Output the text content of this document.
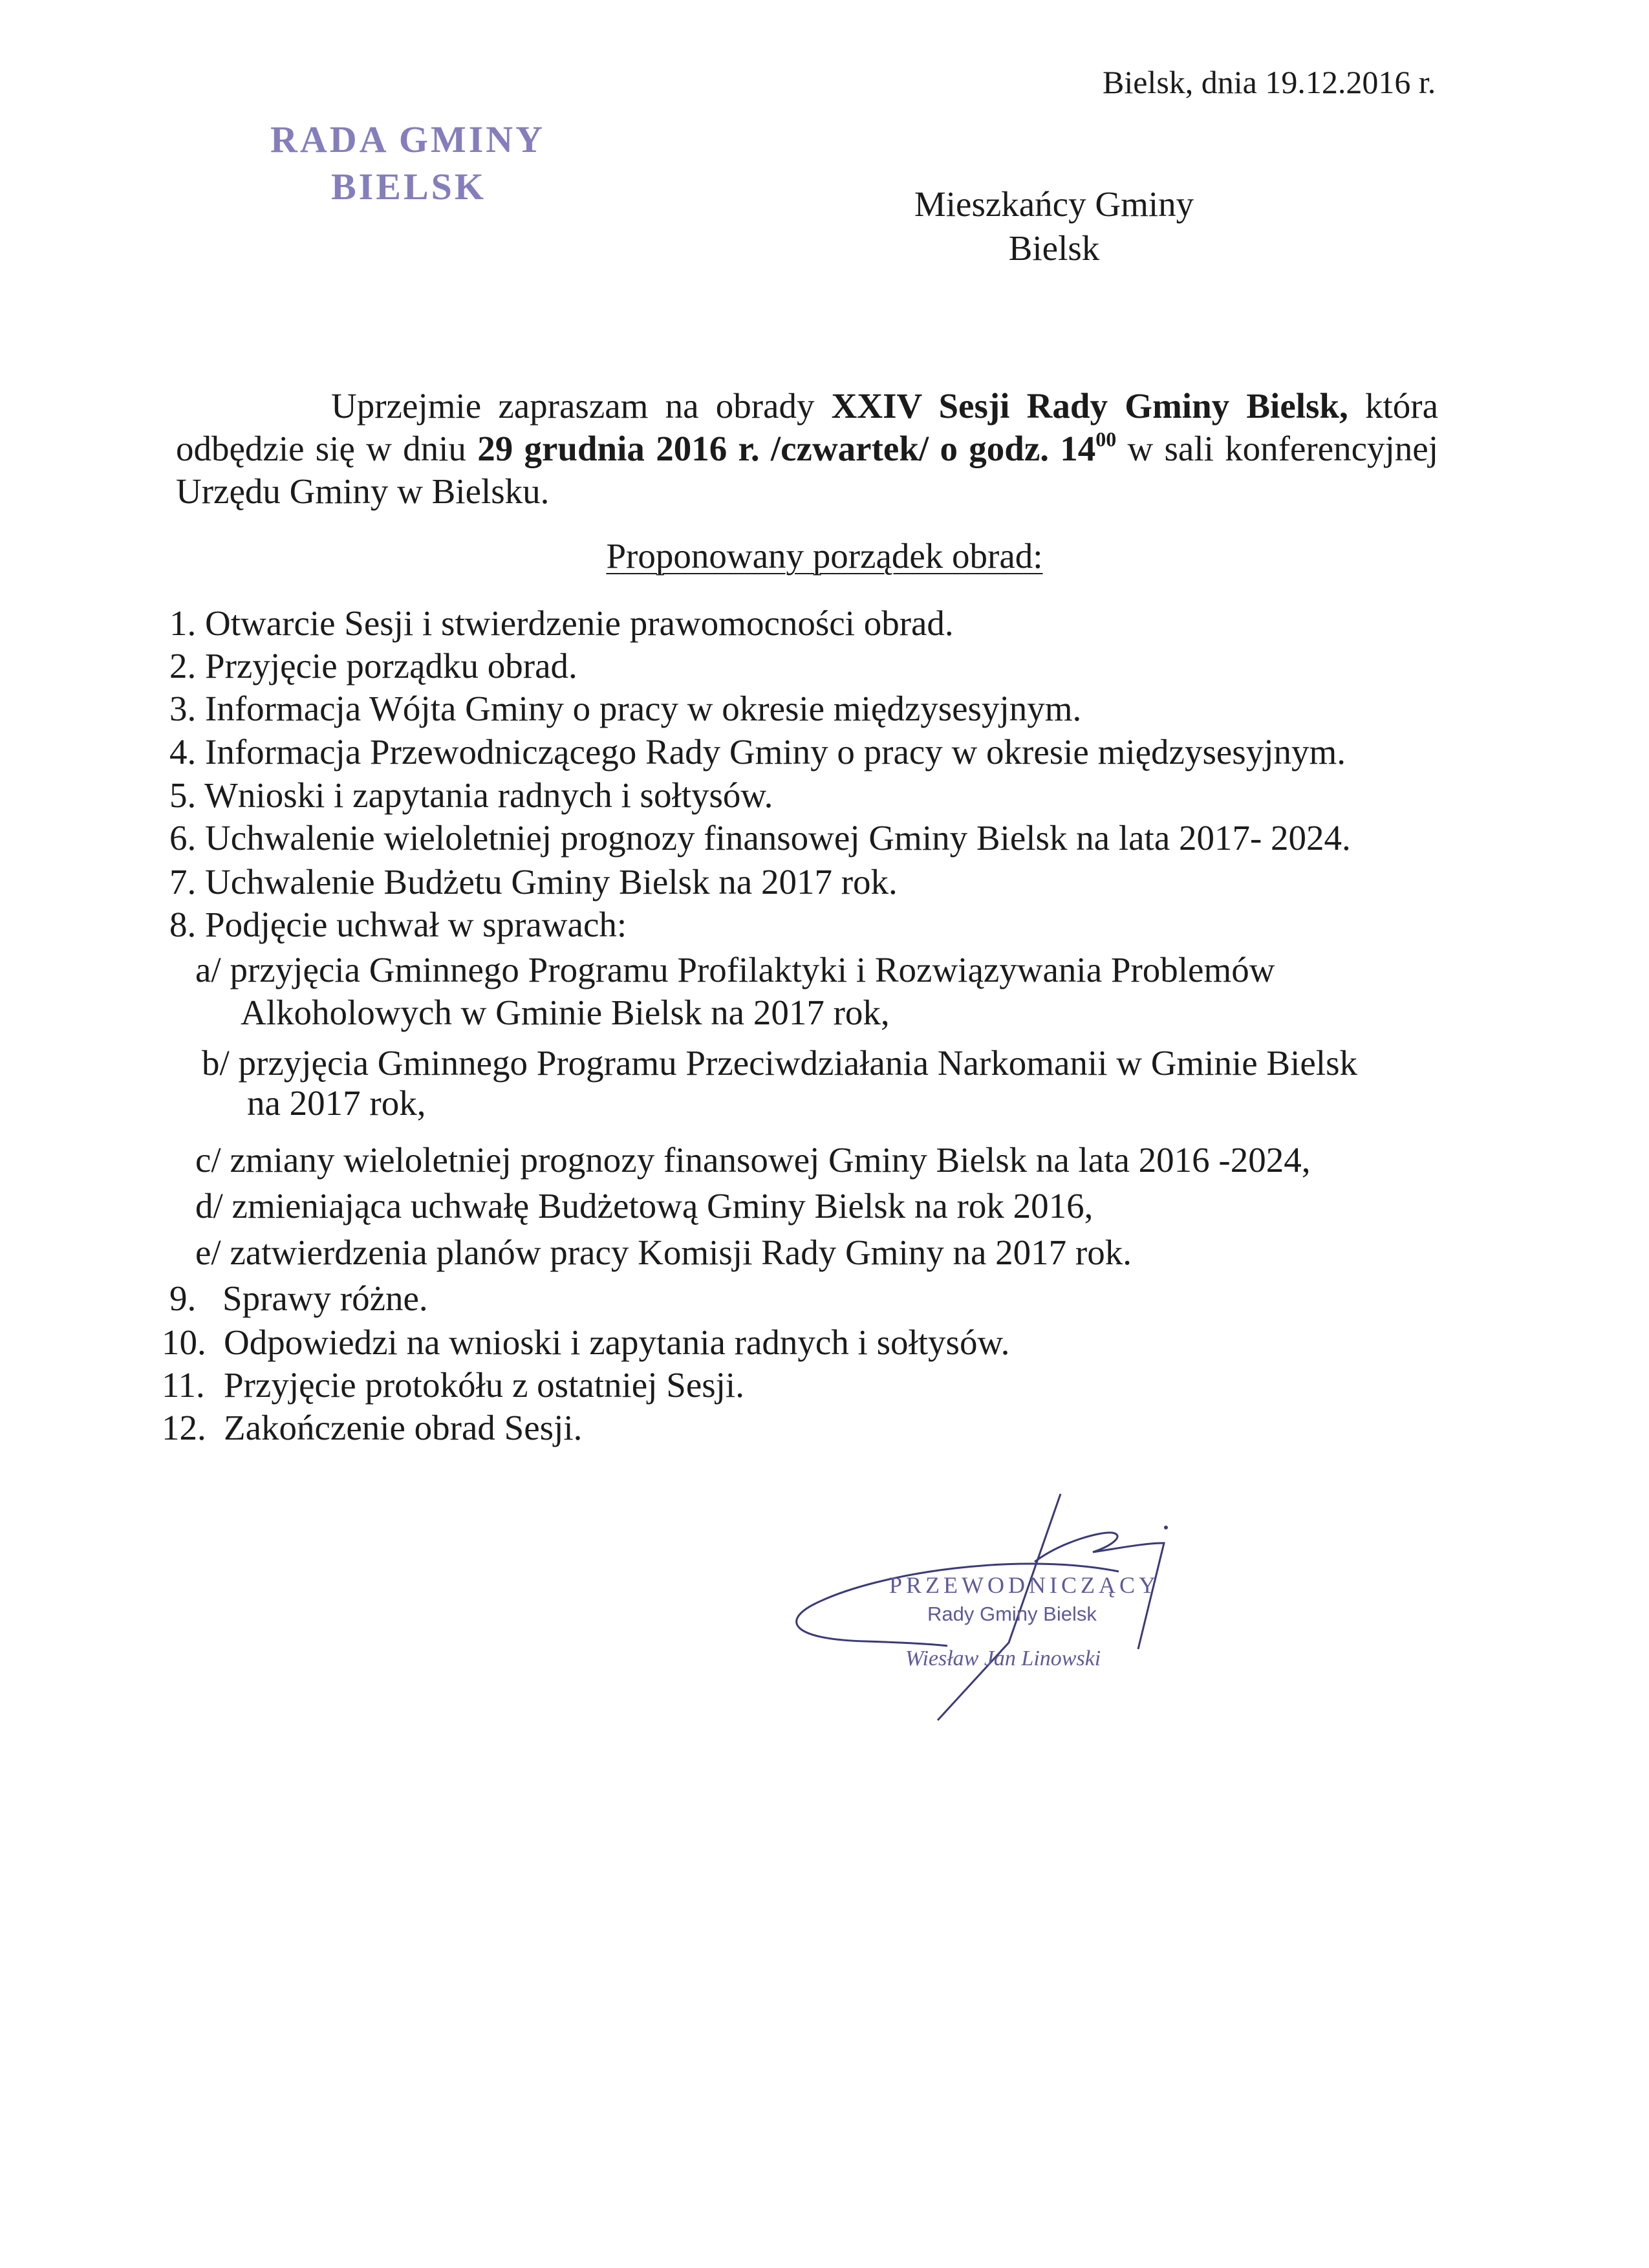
RADA GMINY
BIELSK
Bielsk, dnia 19.12.2016 r.
Mieszkańcy Gminy
Bielsk
Uprzejmie zapraszam na obrady XXIV Sesji Rady Gminy Bielsk, która odbędzie się w dniu 29 grudnia 2016 r. /czwartek/ o godz. $14^{00}$ w sali konferencyjnej Urzędu Gminy w Bielsku.
Proponowany porządek obrad:
1. Otwarcie Sesji i stwierdzenie prawomocności obrad.
2. Przyjęcie porządku obrad.
3. Informacja Wójta Gminy o pracy w okresie międzysesyjnym.
4. Informacja Przewodniczącego Rady Gminy o pracy w okresie międzysesyjnym.
5. Wnioski i zapytania radnych i sołtysów.
6. Uchwalenie wieloletniej prognozy finansowej Gminy Bielsk na lata 2017- 2024.
7. Uchwalenie Budżetu Gminy Bielsk na 2017 rok.
8. Podjęcie uchwał w sprawach:
a/ przyjęcia Gminnego Programu Profilaktyki i Rozwiązywania Problemów
Alkoholowych w Gminie Bielsk na 2017 rok,
b/ przyjęcia Gminnego Programu Przeciwdziałania Narkomanii w Gminie Bielsk
na 2017 rok,
c/ zmiany wieloletniej prognozy finansowej Gminy Bielsk na lata 2016 -2024,
d/ zmieniająca uchwałę Budżetową Gminy Bielsk na rok 2016,
e/ zatwierdzenia planów pracy Komisji Rady Gminy na 2017 rok.
9. Sprawy różne.
10. Odpowiedzi na wnioski i zapytania radnych i sołtysów.
11. Przyjęcie protokółu z ostatniej Sesji.
12. Zakończenie obrad Sesji.
PRZEWODNICZĄCY
Rady Gminy Bielsk
Wiesław Jan Linowski
